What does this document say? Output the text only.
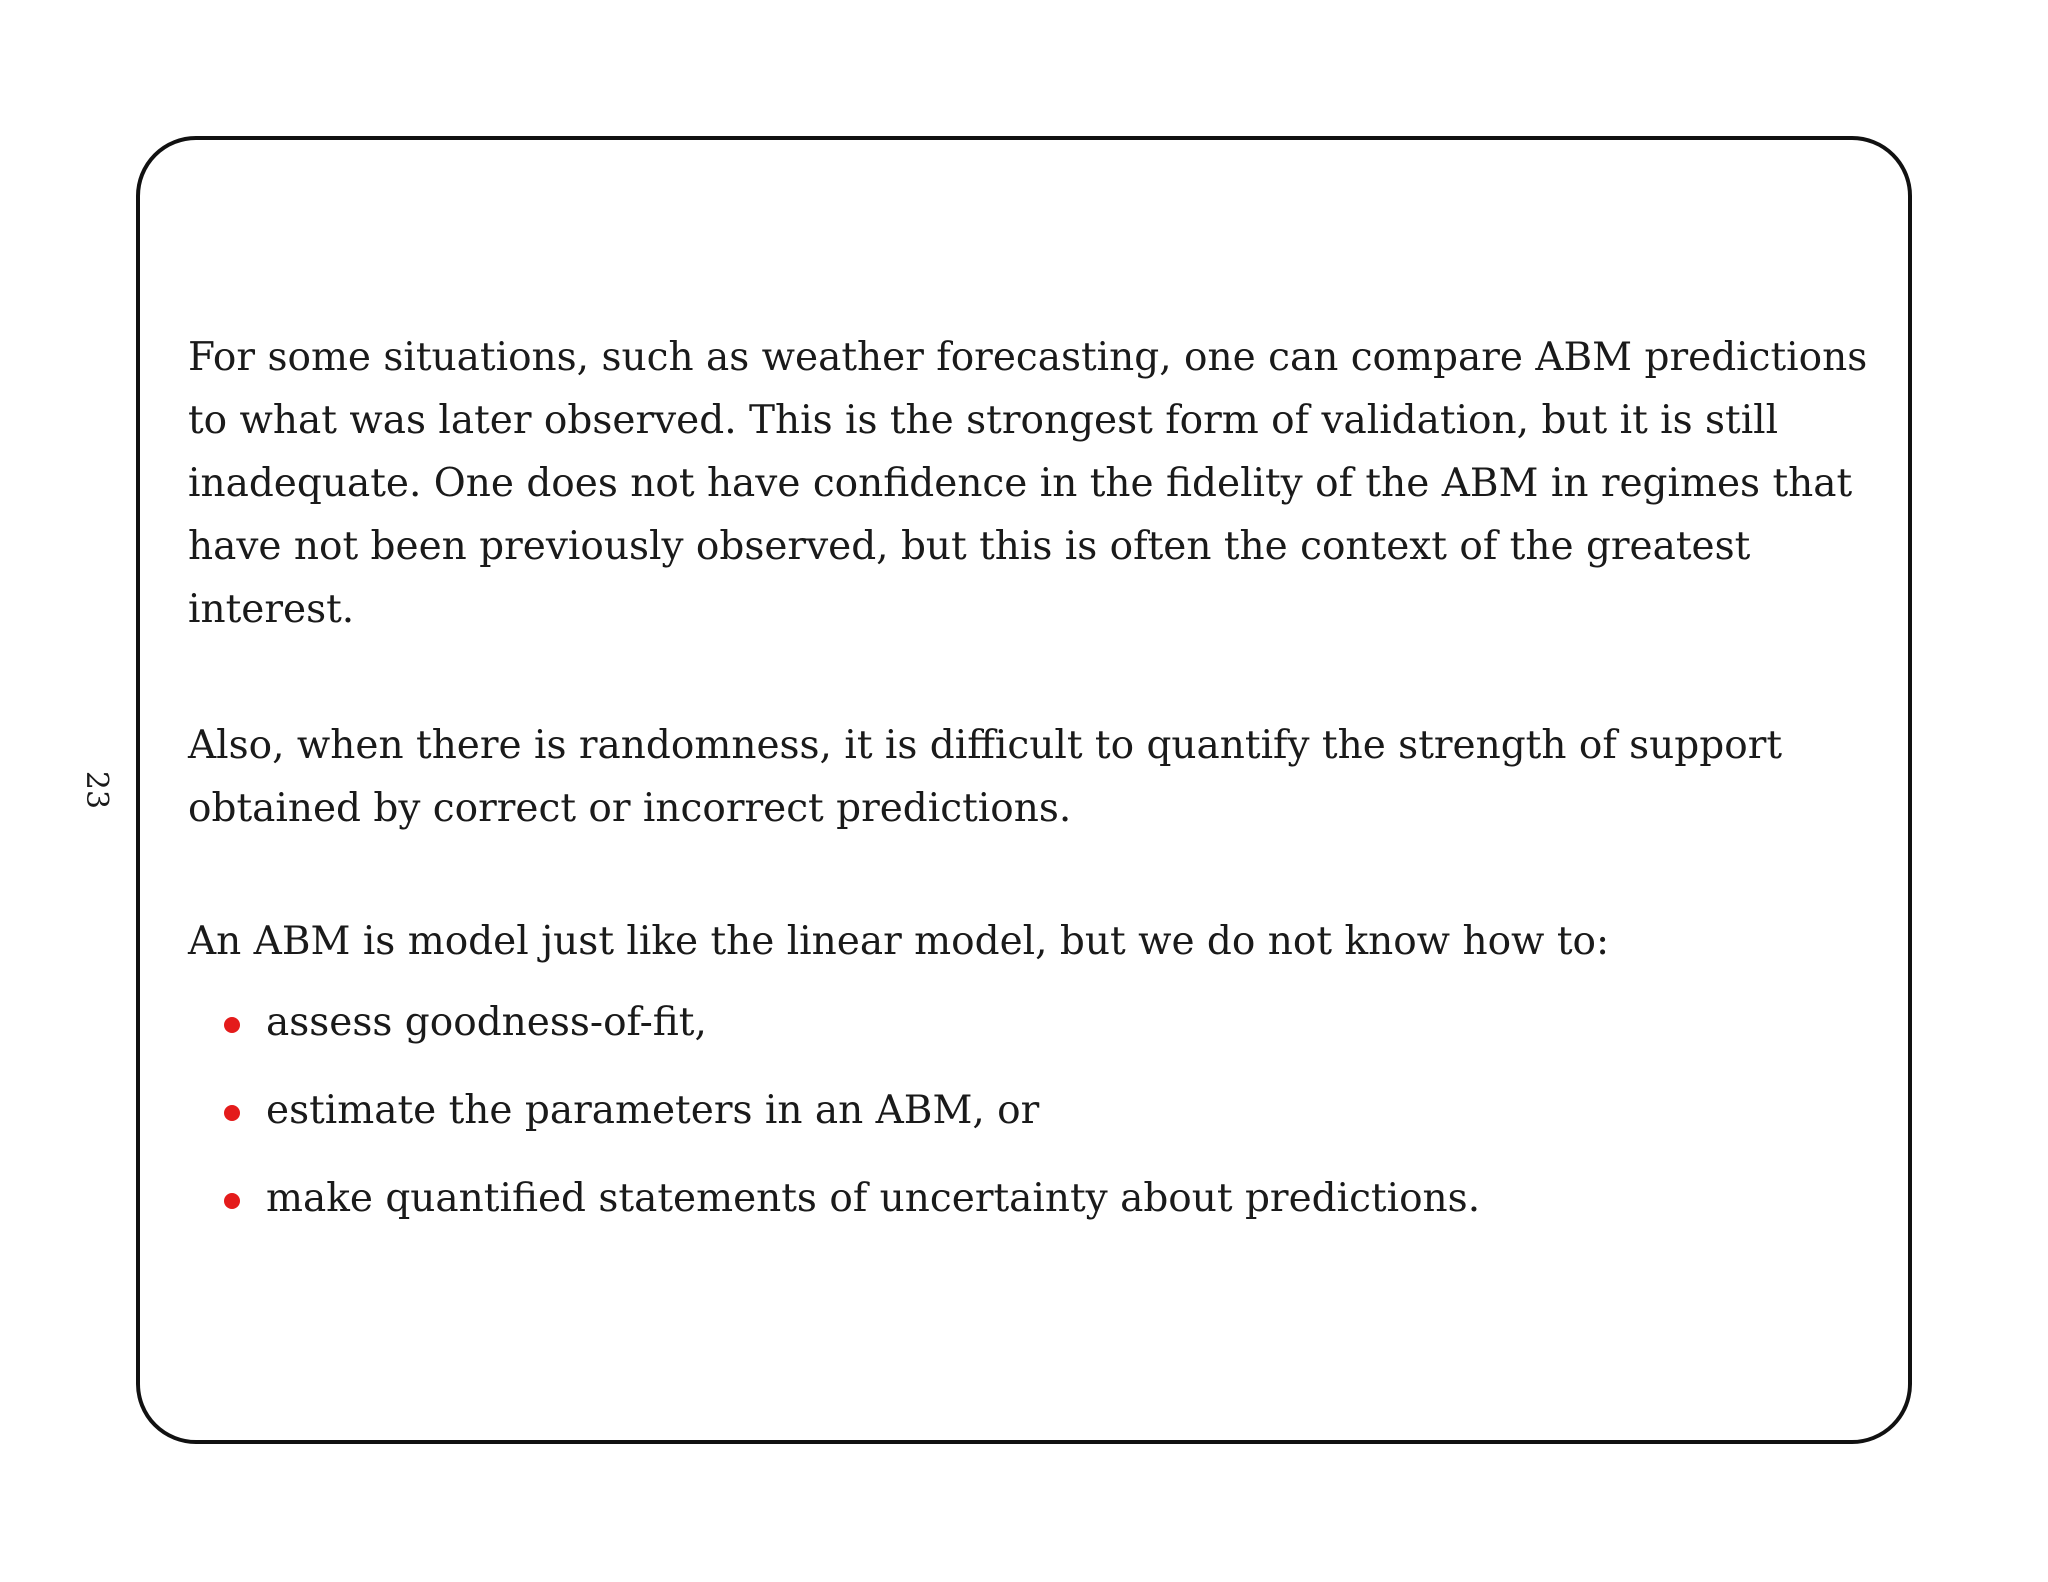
23

For some situations, such as weather forecasting, one can compare ABM predictions to what was later observed. This is the strongest form of validation, but it is still inadequate. One does not have confidence in the fidelity of the ABM in regimes that have not been previously observed, but this is often the context of the greatest interest.

Also, when there is randomness, it is difficult to quantify the strength of support obtained by correct or incorrect predictions.

An ABM is model just like the linear model, but we do not know how to:

assess goodness-of-fit,
estimate the parameters in an ABM, or
make quantified statements of uncertainty about predictions.
